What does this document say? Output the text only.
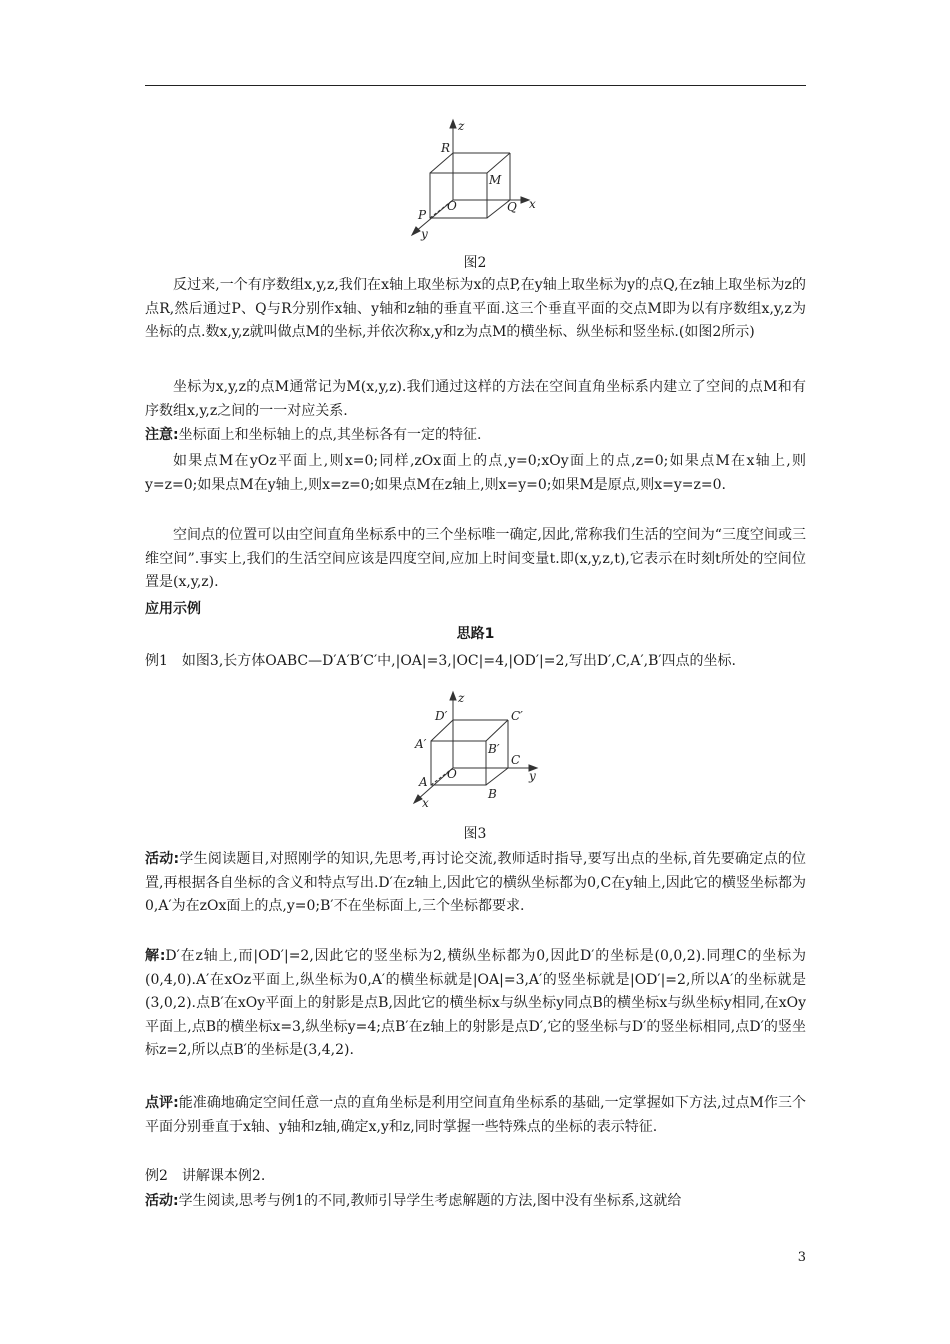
z
R
M
O	Q x
P
y
图2

反过来,一个有序数组x,y,z,我们在x轴上取坐标为x的点P,在y轴上取坐标为y的点Q,在z轴上取坐标为z的点R,然后通过P、Q与R分别作x轴、y轴和z轴的垂直平面.这三个垂直平面的交点M即为以有序数组x,y,z为坐标的点.数x,y,z就叫做点M的坐标,并依次称x,y和z为点M的横坐标、纵坐标和竖坐标.(如图2所示)

坐标为x,y,z的点M通常记为M(x,y,z).我们通过这样的方法在空间直角坐标系内建立了空间的点M和有序数组x,y,z之间的一一对应关系.

注意:坐标面上和坐标轴上的点,其坐标各有一定的特征.

如果点M在yOz平面上,则x=0;同样,zOx面上的点,y=0;xOy面上的点,z=0;如果点M在x轴上,则y=z=0;如果点M在y轴上,则x=z=0;如果点M在z轴上,则x=y=0;如果M是原点,则x=y=z=0.

空间点的位置可以由空间直角坐标系中的三个坐标唯一确定,因此,常称我们生活的空间为“三度空间或三维空间”.事实上,我们的生活空间应该是四度空间,应加上时间变量t.即(x,y,z,t),它表示在时刻t所处的空间位置是(x,y,z).

应用示例

思路1

例1　如图3,长方体OABC—D′A′B′C′中,|OA|=3,|OC|=4,|OD′|=2,写出D′,C,A′,B′四点的坐标.

z
D′	C′
A′	B′
O
C
y
A
B
x
图3

活动:学生阅读题目,对照刚学的知识,先思考,再讨论交流,教师适时指导,要写出点的坐标,首先要确定点的位置,再根据各自坐标的含义和特点写出.D′在z轴上,因此它的横纵坐标都为0,C在y轴上,因此它的横竖坐标都为0,A′为在zOx面上的点,y=0;B′不在坐标面上,三个坐标都要求.

解:D′在z轴上,而|OD′|=2,因此它的竖坐标为2,横纵坐标都为0,因此D′的坐标是(0,0,2).同理C的坐标为(0,4,0).A′在xOz平面上,纵坐标为0,A′的横坐标就是|OA|=3,A′的竖坐标就是|OD′|=2,所以A′的坐标就是(3,0,2).点B′在xOy平面上的射影是点B,因此它的横坐标x与纵坐标y同点B的横坐标x与纵坐标y相同,在xOy平面上,点B的横坐标x=3,纵坐标y=4;点B′在z轴上的射影是点D′,它的竖坐标与D′的竖坐标相同,点D′的竖坐标z=2,所以点B′的坐标是(3,4,2).

点评:能准确地确定空间任意一点的直角坐标是利用空间直角坐标系的基础,一定掌握如下方法,过点M作三个平面分别垂直于x轴、y轴和z轴,确定x,y和z,同时掌握一些特殊点的坐标的表示特征.

例2　讲解课本例2.

活动:学生阅读,思考与例1的不同,教师引导学生考虑解题的方法,图中没有坐标系,这就给

3
